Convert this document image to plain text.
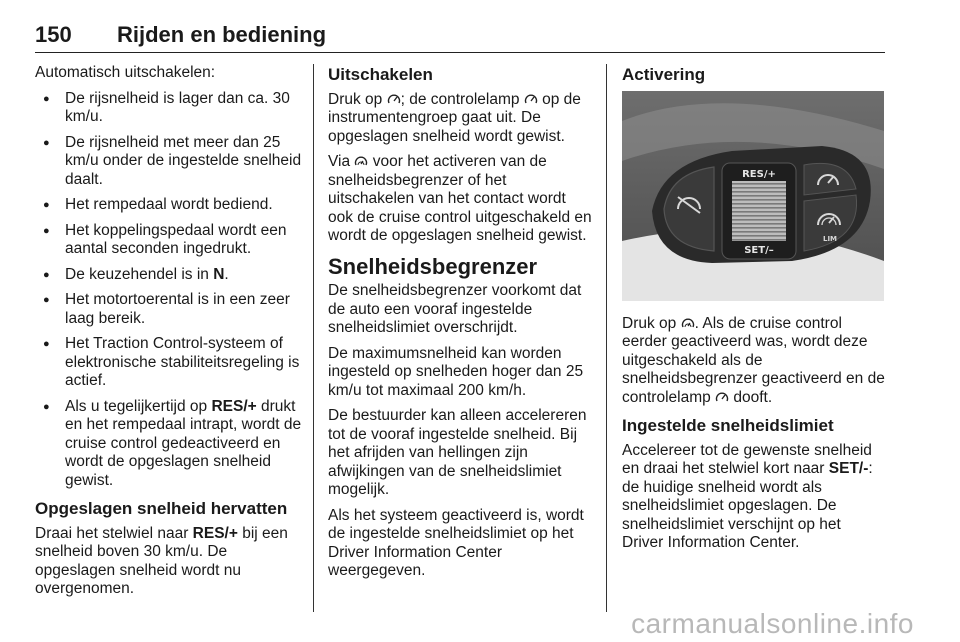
150 Rijden en bediening

Automatisch uitschakelen:

● De rijsnelheid is lager dan ca. 30 km/u.
● De rijsnelheid met meer dan 25 km/u onder de ingestelde snelheid daalt.
● Het rempedaal wordt bediend.
● Het koppelingspedaal wordt een aantal seconden ingedrukt.
● De keuzehendel is in N.
● Het motortoerental is in een zeer laag bereik.
● Het Traction Control-systeem of elektronische stabiliteitsregeling is actief.
● Als u tegelijkertijd op RES/+ drukt en het rempedaal intrapt, wordt de cruise control gedeactiveerd en wordt de opgeslagen snelheid gewist.
Opgeslagen snelheid hervatten

Draai het stelwiel naar RES/+ bij een snelheid boven 30 km/u. De opgeslagen snelheid wordt nu overgenomen.

Uitschakelen

Druk op ; de controlelamp  op de instrumentengroep gaat uit. De opgeslagen snelheid wordt gewist.

Via  voor het activeren van de snelheidsbegrenzer of het uitschakelen van het contact wordt ook de cruise control uitgeschakeld en wordt de opgeslagen snelheid gewist.

Snelheidsbegrenzer

De snelheidsbegrenzer voorkomt dat de auto een vooraf ingestelde snelheidslimiet overschrijdt.

De maximumsnelheid kan worden ingesteld op snelheden hoger dan 25 km/u tot maximaal 200 km/h.

De bestuurder kan alleen accelereren tot de vooraf ingestelde snelheid. Bij het afrijden van hellingen zijn afwijkingen van de snelheidslimiet mogelijk.

Als het systeem geactiveerd is, wordt de ingestelde snelheidslimiet op het Driver Information Center weergegeven.

Activering
RES/+
SET/–
LIM

Druk op . Als de cruise control eerder geactiveerd was, wordt deze uitgeschakeld als de snelheidsbegrenzer geactiveerd en de controlelamp  dooft.

Ingestelde snelheidslimiet

Accelereer tot de gewenste snelheid en draai het stelwiel kort naar SET/-: de huidige snelheid wordt als snelheidslimiet opgeslagen. De snelheidslimiet verschijnt op het Driver Information Center.

carmanualsonline.info
